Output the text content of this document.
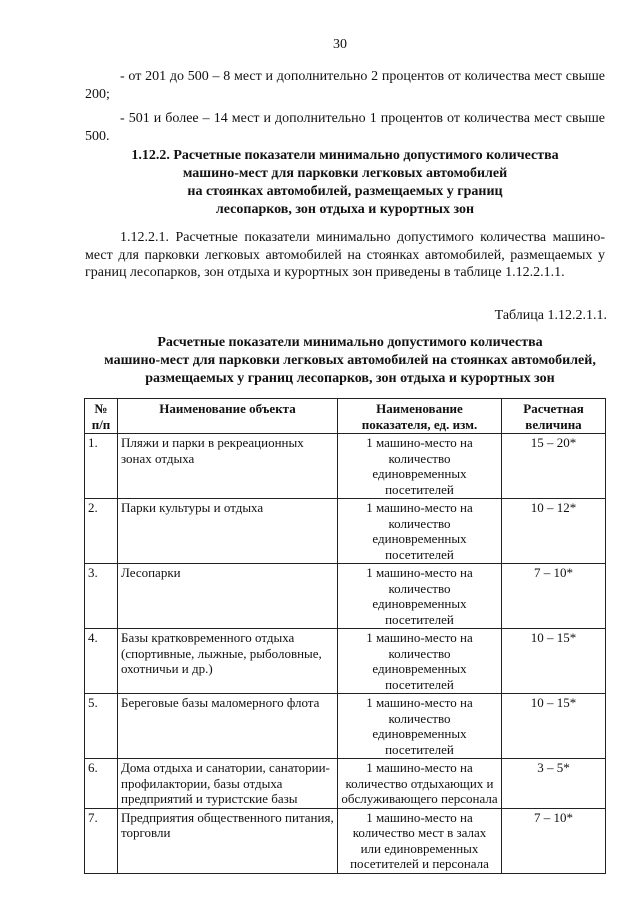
30

- от 201 до 500 – 8 мест и дополнительно 2 процентов от количества мест свыше 200;

- 501 и более – 14 мест и дополнительно 1 процентов от количества мест свыше 500.

1.12.2. Расчетные показатели минимально допустимого количества
машино-мест для парковки легковых автомобилей
на стоянках автомобилей, размещаемых у границ
лесопарков, зон отдыха и курортных зон

1.12.2.1. Расчетные показатели минимально допустимого количества машино-мест для парковки легковых автомобилей на стоянках автомобилей, размещаемых у границ лесопарков, зон отдыха и курортных зон приведены в таблице 1.12.2.1.1.

Таблица 1.12.2.1.1.
Расчетные показатели минимально допустимого количества
машино-мест для парковки легковых автомобилей на стоянках автомобилей,
размещаемых у границ лесопарков, зон отдыха и курортных зон
№ п/п	Наименование объекта	Наименование показателя, ед. изм.	Расчетная величина
1.	Пляжи и парки в рекреационных зонах отдыха	1 машино-место на количество единовременных посетителей	15 – 20*
2.	Парки культуры и отдыха	1 машино-место на количество единовременных посетителей	10 – 12*
3.	Лесопарки	1 машино-место на количество единовременных посетителей	7 – 10*
4.	Базы кратковременного отдыха (спортивные, лыжные, рыболовные, охотничьи и др.)	1 машино-место на количество единовременных посетителей	10 – 15*
5.	Береговые базы маломерного флота	1 машино-место на количество единовременных посетителей	10 – 15*
6.	Дома отдыха и санатории, санатории-профилактории, базы отдыха предприятий и туристские базы	1 машино-место на количество отдыхающих и обслуживающего персонала	3 – 5*
7.	Предприятия общественного питания, торговли	1 машино-место на количество мест в залах или единовременных посетителей и персонала	7 – 10*
